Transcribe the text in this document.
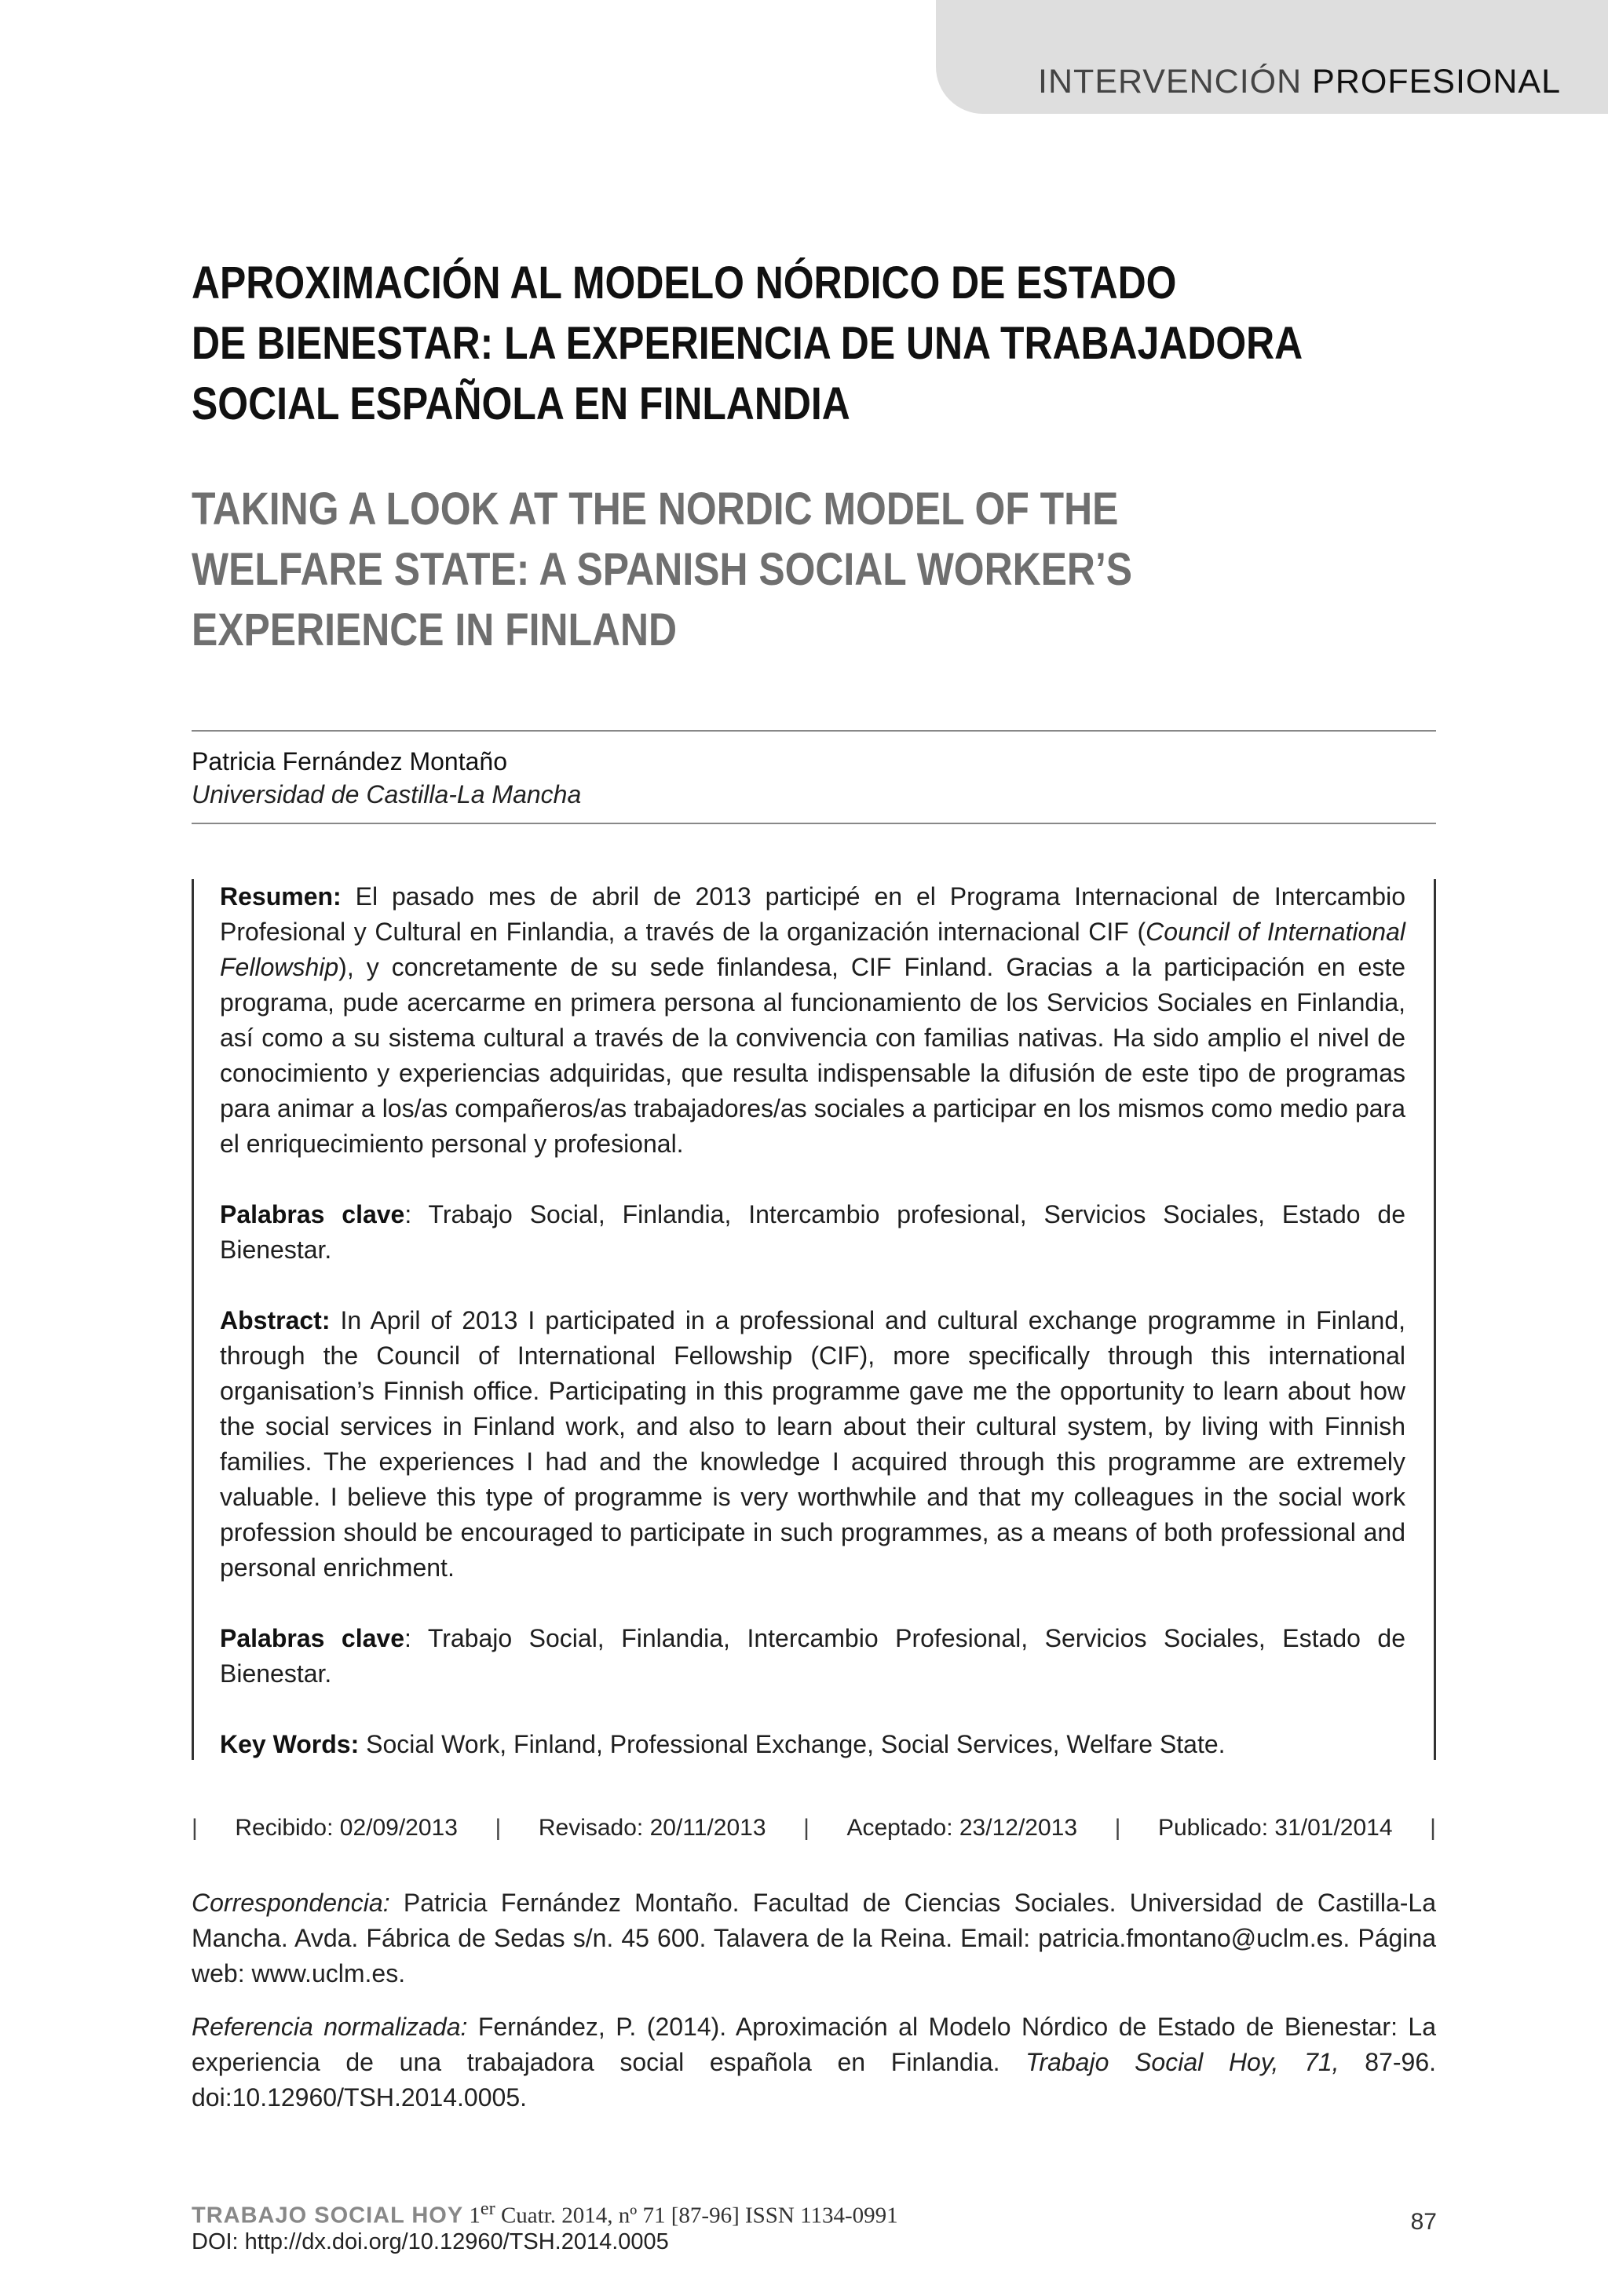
INTERVENCIÓN PROFESIONAL
APROXIMACIÓN AL MODELO NÓRDICO DE ESTADO
DE BIENESTAR: LA EXPERIENCIA DE UNA TRABAJADORA
SOCIAL ESPAÑOLA EN FINLANDIA
TAKING A LOOK AT THE NORDIC MODEL OF THE
WELFARE STATE: A SPANISH SOCIAL WORKER’S
EXPERIENCE IN FINLAND
Patricia Fernández Montaño
Universidad de Castilla-La Mancha

Resumen: El pasado mes de abril de 2013 participé en el Programa Internacional de Intercambio Profesional y Cultural en Finlandia, a través de la organización internacional CIF (Council of International Fellowship), y concretamente de su sede finlandesa, CIF Finland. Gracias a la participación en este programa, pude acercarme en primera persona al funcionamiento de los Servicios Sociales en Finlandia, así como a su sistema cultural a través de la convivencia con familias nativas. Ha sido amplio el nivel de conocimiento y experiencias adquiridas, que resulta indispensable la difusión de este tipo de programas para animar a los/as compañeros/as trabajadores/as sociales a participar en los mismos como medio para el enriquecimiento personal y profesional.

Palabras clave: Trabajo Social, Finlandia, Intercambio profesional, Servicios Sociales, Estado de Bienestar.

Abstract: In April of 2013 I participated in a professional and cultural exchange programme in Finland, through the Council of International Fellowship (CIF), more specifically through this international organisation’s Finnish office. Participating in this programme gave me the opportunity to learn about how the social services in Finland work, and also to learn about their cultural system, by living with Finnish families. The experiences I had and the knowledge I acquired through this programme are extremely valuable. I believe this type of programme is very worthwhile and that my colleagues in the social work profession should be encouraged to participate in such programmes, as a means of both professional and personal enrichment.

Palabras clave: Trabajo Social, Finlandia, Intercambio Profesional, Servicios Sociales, Estado de Bienestar.

Key Words: Social Work, Finland, Professional Exchange, Social Services, Welfare State.

| Recibido: 02/09/2013 | Revisado: 20/11/2013 | Aceptado: 23/12/2013 | Publicado: 31/01/2014 |
Correspondencia: Patricia Fernández Montaño. Facultad de Ciencias Sociales. Universidad de Castilla-La Mancha. Avda. Fábrica de Sedas s/n. 45 600. Talavera de la Reina. Email: patricia.fmontano@uclm.es. Página web: www.uclm.es.
Referencia normalizada: Fernández, P. (2014). Aproximación al Modelo Nórdico de Estado de Bienestar: La experiencia de una trabajadora social española en Finlandia. Trabajo Social Hoy, 71, 87-96. doi:10.12960/TSH.2014.0005.
TRABAJO SOCIAL HOY 1er Cuatr. 2014, nº 71 [87-96] ISSN 1134-0991
DOI: http://dx.doi.org/10.12960/TSH.2014.0005
87
